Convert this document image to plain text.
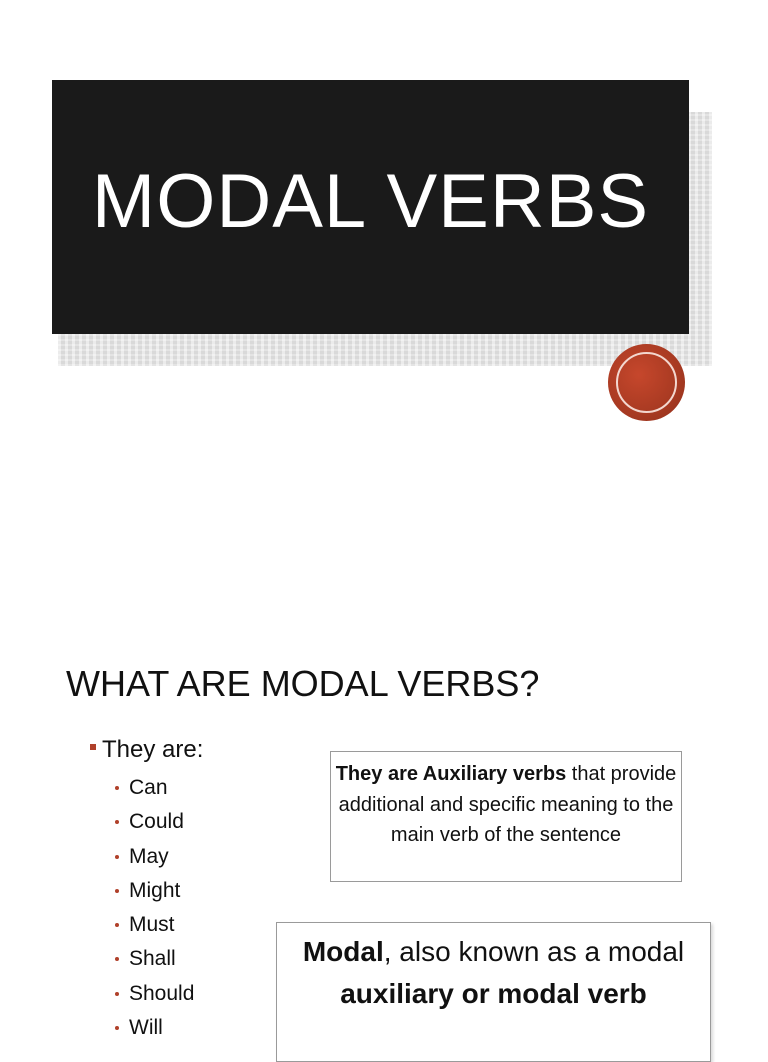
MODAL VERBS
WHAT ARE MODAL VERBS?
They are:
Can
Could
May
Might
Must
Shall
Should
Will
They are Auxiliary verbs that provide additional and specific meaning to the main verb of the sentence
Modal, also known as a modal auxiliary or modal verb
